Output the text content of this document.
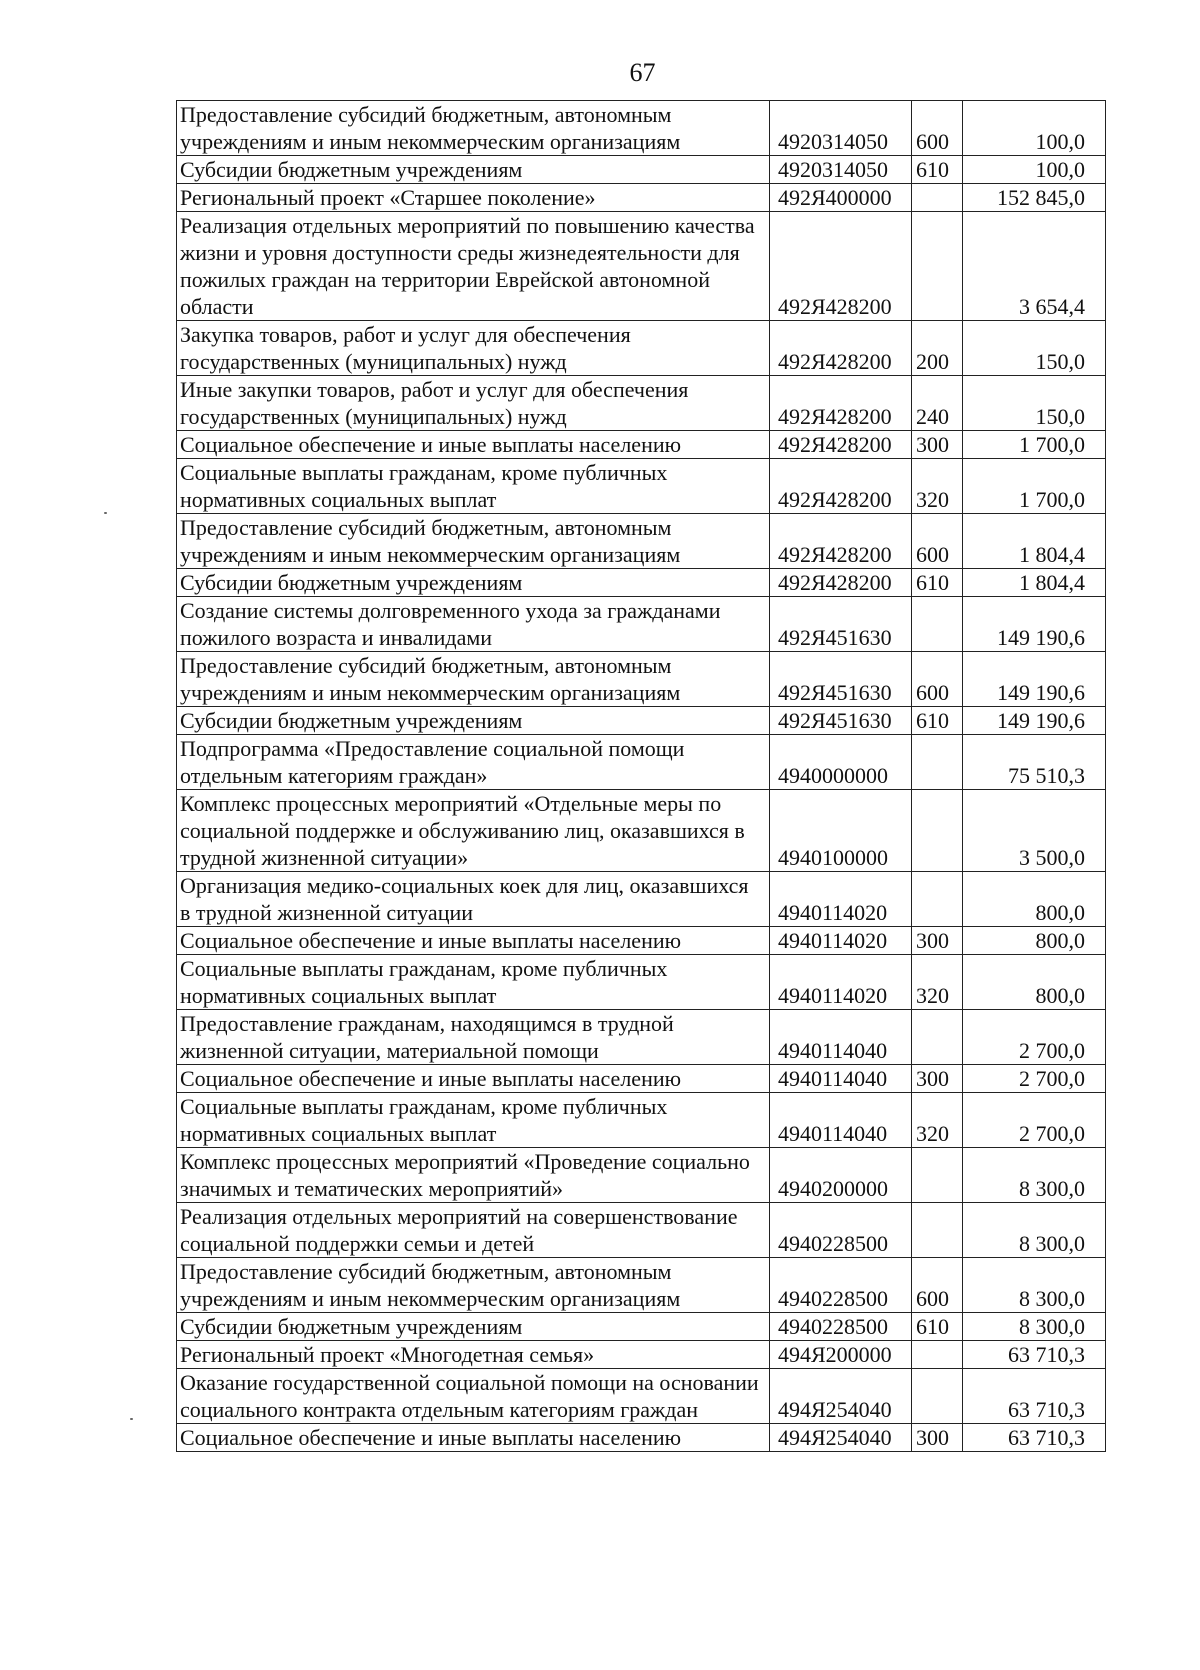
67
Предоставление субсидий бюджетным, автономным учреждениям и иным некоммерческим организациям	4920314050	600	100,0
Субсидии бюджетным учреждениям	4920314050	610	100,0
Региональный проект «Старшее поколение»	492Я400000		152 845,0
Реализация отдельных мероприятий по повышению качества жизни и уровня доступности среды жизнедеятельности для пожилых граждан на территории Еврейской автономной области	492Я428200		3 654,4
Закупка товаров, работ и услуг для обеспечения государственных (муниципальных) нужд	492Я428200	200	150,0
Иные закупки товаров, работ и услуг для обеспечения государственных (муниципальных) нужд	492Я428200	240	150,0
Социальное обеспечение и иные выплаты населению	492Я428200	300	1 700,0
Социальные выплаты гражданам, кроме публичных нормативных социальных выплат	492Я428200	320	1 700,0
Предоставление субсидий бюджетным, автономным учреждениям и иным некоммерческим организациям	492Я428200	600	1 804,4
Субсидии бюджетным учреждениям	492Я428200	610	1 804,4
Создание системы долговременного ухода за гражданами пожилого возраста и инвалидами	492Я451630		149 190,6
Предоставление субсидий бюджетным, автономным учреждениям и иным некоммерческим организациям	492Я451630	600	149 190,6
Субсидии бюджетным учреждениям	492Я451630	610	149 190,6
Подпрограмма «Предоставление социальной помощи отдельным категориям граждан»	4940000000		75 510,3
Комплекс процессных мероприятий «Отдельные меры по социальной поддержке и обслуживанию лиц, оказавшихся в трудной жизненной ситуации»	4940100000		3 500,0
Организация медико-социальных коек для лиц, оказавшихся в трудной жизненной ситуации	4940114020		800,0
Социальное обеспечение и иные выплаты населению	4940114020	300	800,0
Социальные выплаты гражданам, кроме публичных нормативных социальных выплат	4940114020	320	800,0
Предоставление гражданам, находящимся в трудной жизненной ситуации, материальной помощи	4940114040		2 700,0
Социальное обеспечение и иные выплаты населению	4940114040	300	2 700,0
Социальные выплаты гражданам, кроме публичных нормативных социальных выплат	4940114040	320	2 700,0
Комплекс процессных мероприятий «Проведение социально значимых и тематических мероприятий»	4940200000		8 300,0
Реализация отдельных мероприятий на совершенствование социальной поддержки семьи и детей	4940228500		8 300,0
Предоставление субсидий бюджетным, автономным учреждениям и иным некоммерческим организациям	4940228500	600	8 300,0
Субсидии бюджетным учреждениям	4940228500	610	8 300,0
Региональный проект «Многодетная семья»	494Я200000		63 710,3
Оказание государственной социальной помощи на основании социального контракта отдельным категориям граждан	494Я254040		63 710,3
Социальное обеспечение и иные выплаты населению	494Я254040	300	63 710,3
